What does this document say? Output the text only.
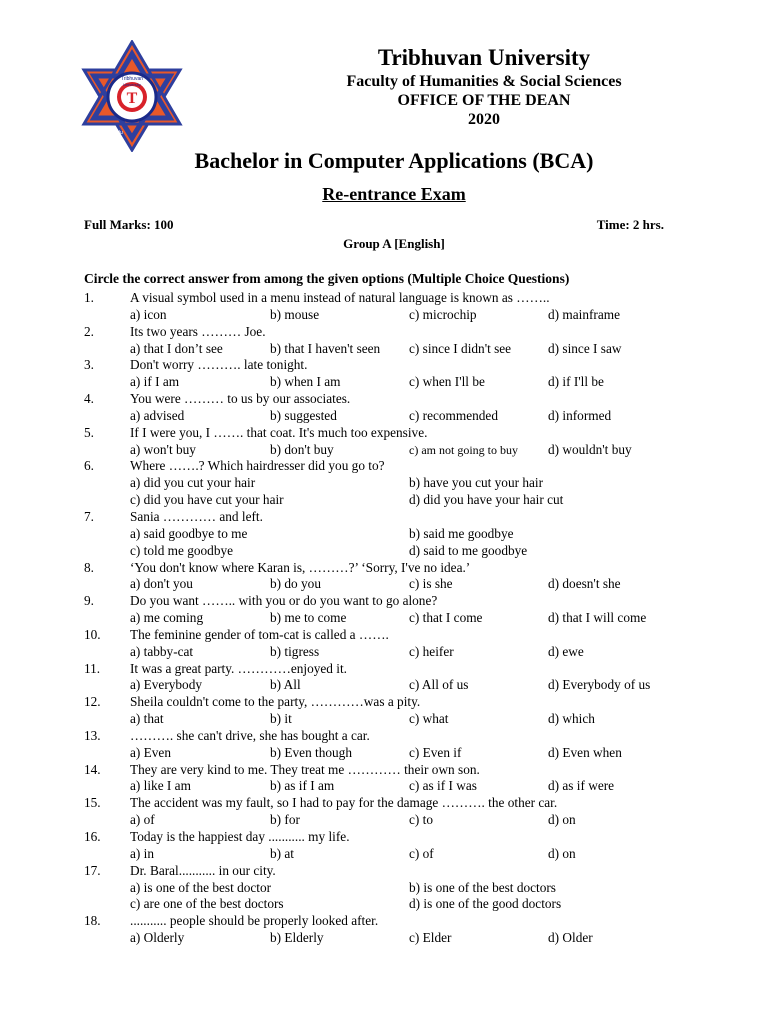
T
Tribhuvan
University
Kathmandu	Nepal
Tribhuvan University
Faculty of Humanities & Social Sciences
OFFICE OF THE DEAN
2020
Bachelor in Computer Applications (BCA)
Re-entrance Exam
Full Marks: 100	Time: 2 hrs.
Group A [English]
Circle the correct answer from among the given options (Multiple Choice Questions)
1.	A visual symbol used in a menu instead of natural language is known as ……..
a) icon	b) mouse	c) microchip	d) mainframe
2.	Its two years ……… Joe.
a) that I don’t see	b) that I haven't seen c) since I didn't see	d) since I saw
3.	Don't worry ………. late tonight.
a) if I am	b) when I am	c) when I'll be	d) if I'll be
4.	You were ……… to us by our associates.
a) advised	b) suggested	c) recommended	d) informed
5.	If I were you, I ……. that coat. It's much too expensive.
a) won't buy	b) don't buy	c) am not going to buy d) wouldn't buy
6.	Where …….? Which hairdresser did you go to?
a) did you cut your hair	b) have you cut your hair
c) did you have cut your hair	d) did you have your hair cut
7.	Sania ………… and left.
a) said goodbye to me	b) said me goodbye
c) told me goodbye	d) said to me goodbye
8.	‘You don't know where Karan is, ………?’ ‘Sorry, I've no idea.’
a) don't you	b) do you	c) is she	d) doesn't she
9.	Do you want …….. with you or do you want to go alone?
a) me coming	b) me to come	c) that I come	d) that I will come
10. The feminine gender of tom-cat is called a …….
a) tabby-cat	b) tigress	c) heifer	d) ewe
11. It was a great party. …………enjoyed it.
a) Everybody	b) All	c) All of us	d) Everybody of us
12. Sheila couldn't come to the party, …………was a pity.
a) that	b) it	c) what	d) which
13. ………. she can't drive, she has bought a car.
a) Even	b) Even though	c) Even if	d) Even when
14. They are very kind to me. They treat me ………… their own son.
a) like I am	b) as if I am	c) as if I was	d) as if were
15. The accident was my fault, so I had to pay for the damage ………. the other car.
a) of	b) for	c) to	d) on
16. Today is the happiest day ........... my life.
a) in	b) at	c) of	d) on
17. Dr. Baral........... in our city.
a) is one of the best doctor	b) is one of the best doctors
c) are one of the best doctors	d) is one of the good doctors
18. ........... people should be properly looked after.
a) Olderly	b) Elderly	c) Elder	d) Older
